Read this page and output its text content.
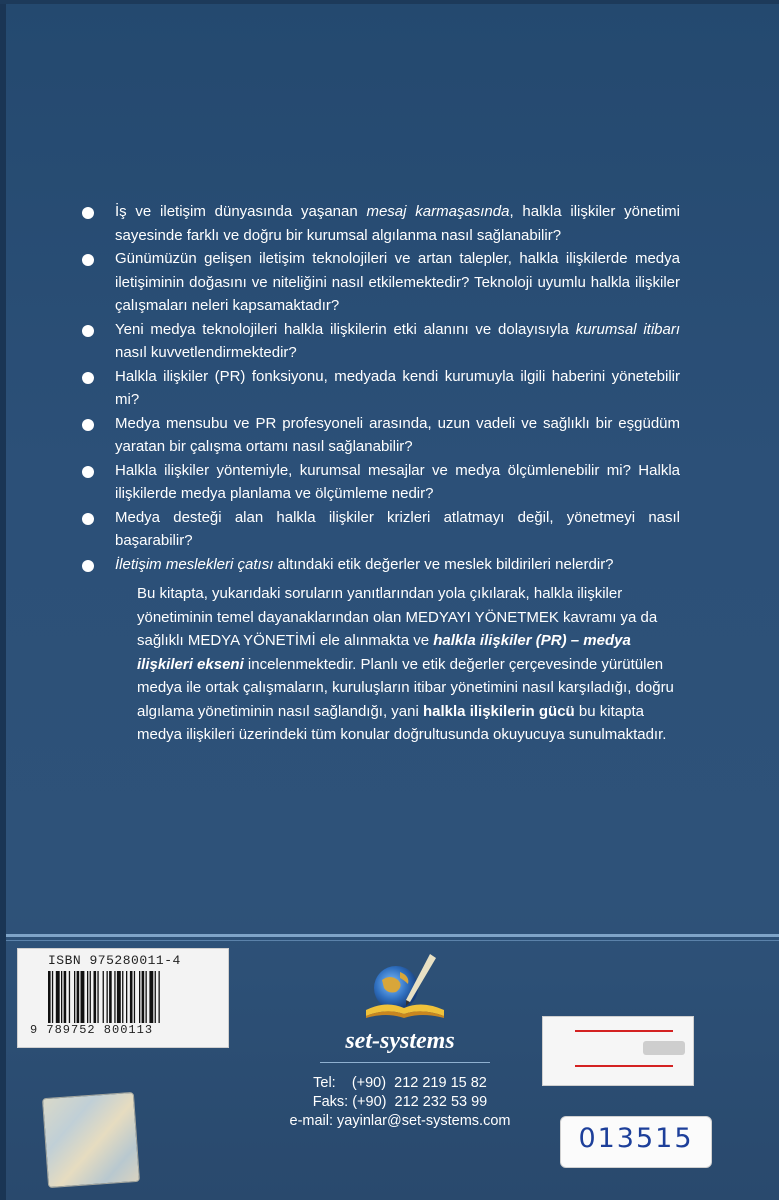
İş ve iletişim dünyasında yaşanan mesaj karmaşasında, halkla ilişkiler yönetimi sayesinde farklı ve doğru bir kurumsal algılanma nasıl sağlanabilir?
Günümüzün gelişen iletişim teknolojileri ve artan talepler, halkla ilişkilerde medya iletişiminin doğasını ve niteliğini nasıl etkilemektedir? Teknoloji uyumlu halkla ilişkiler çalışmaları neleri kapsamaktadır?
Yeni medya teknolojileri halkla ilişkilerin etki alanını ve dolayısıyla kurumsal itibarı nasıl kuvvetlendirmektedir?
Halkla ilişkiler (PR) fonksiyonu, medyada kendi kurumuyla ilgili haberini yönetebilir mi?
Medya mensubu ve PR profesyoneli arasında, uzun vadeli ve sağlıklı bir eşgüdüm yaratan bir çalışma ortamı nasıl sağlanabilir?
Halkla ilişkiler yöntemiyle, kurumsal mesajlar ve medya ölçümlenebilir mi? Halkla ilişkilerde medya planlama ve ölçümleme nedir?
Medya desteği alan halkla ilişkiler krizleri atlatmayı değil, yönetmeyi nasıl başarabilir?
İletişim meslekleri çatısı altındaki etik değerler ve meslek bildirileri nelerdir?
Bu kitapta, yukarıdaki soruların yanıtlarından yola çıkılarak, halkla ilişkiler yönetiminin temel dayanaklarından olan MEDYAYI YÖNETMEK kavramı ya da sağlıklı MEDYA YÖNETİMİ ele alınmakta ve halkla ilişkiler (PR) – medya ilişkileri ekseni incelenmektedir. Planlı ve etik değerler çerçevesinde yürütülen medya ile ortak çalışmaların, kuruluşların itibar yönetimini nasıl karşıladığı, doğru algılama yönetiminin nasıl sağlandığı, yani halkla ilişkilerin gücü bu kitapta medya ilişkileri üzerindeki tüm konular doğrultusunda okuyucuya sunulmaktadır.
ISBN 975280011-4
9 789752 800113	set-systems
Tel:    (+90)  212 219 15 82
Faks: (+90)  212 232 53 99
e-mail: yayinlar@set-systems.com
013515
